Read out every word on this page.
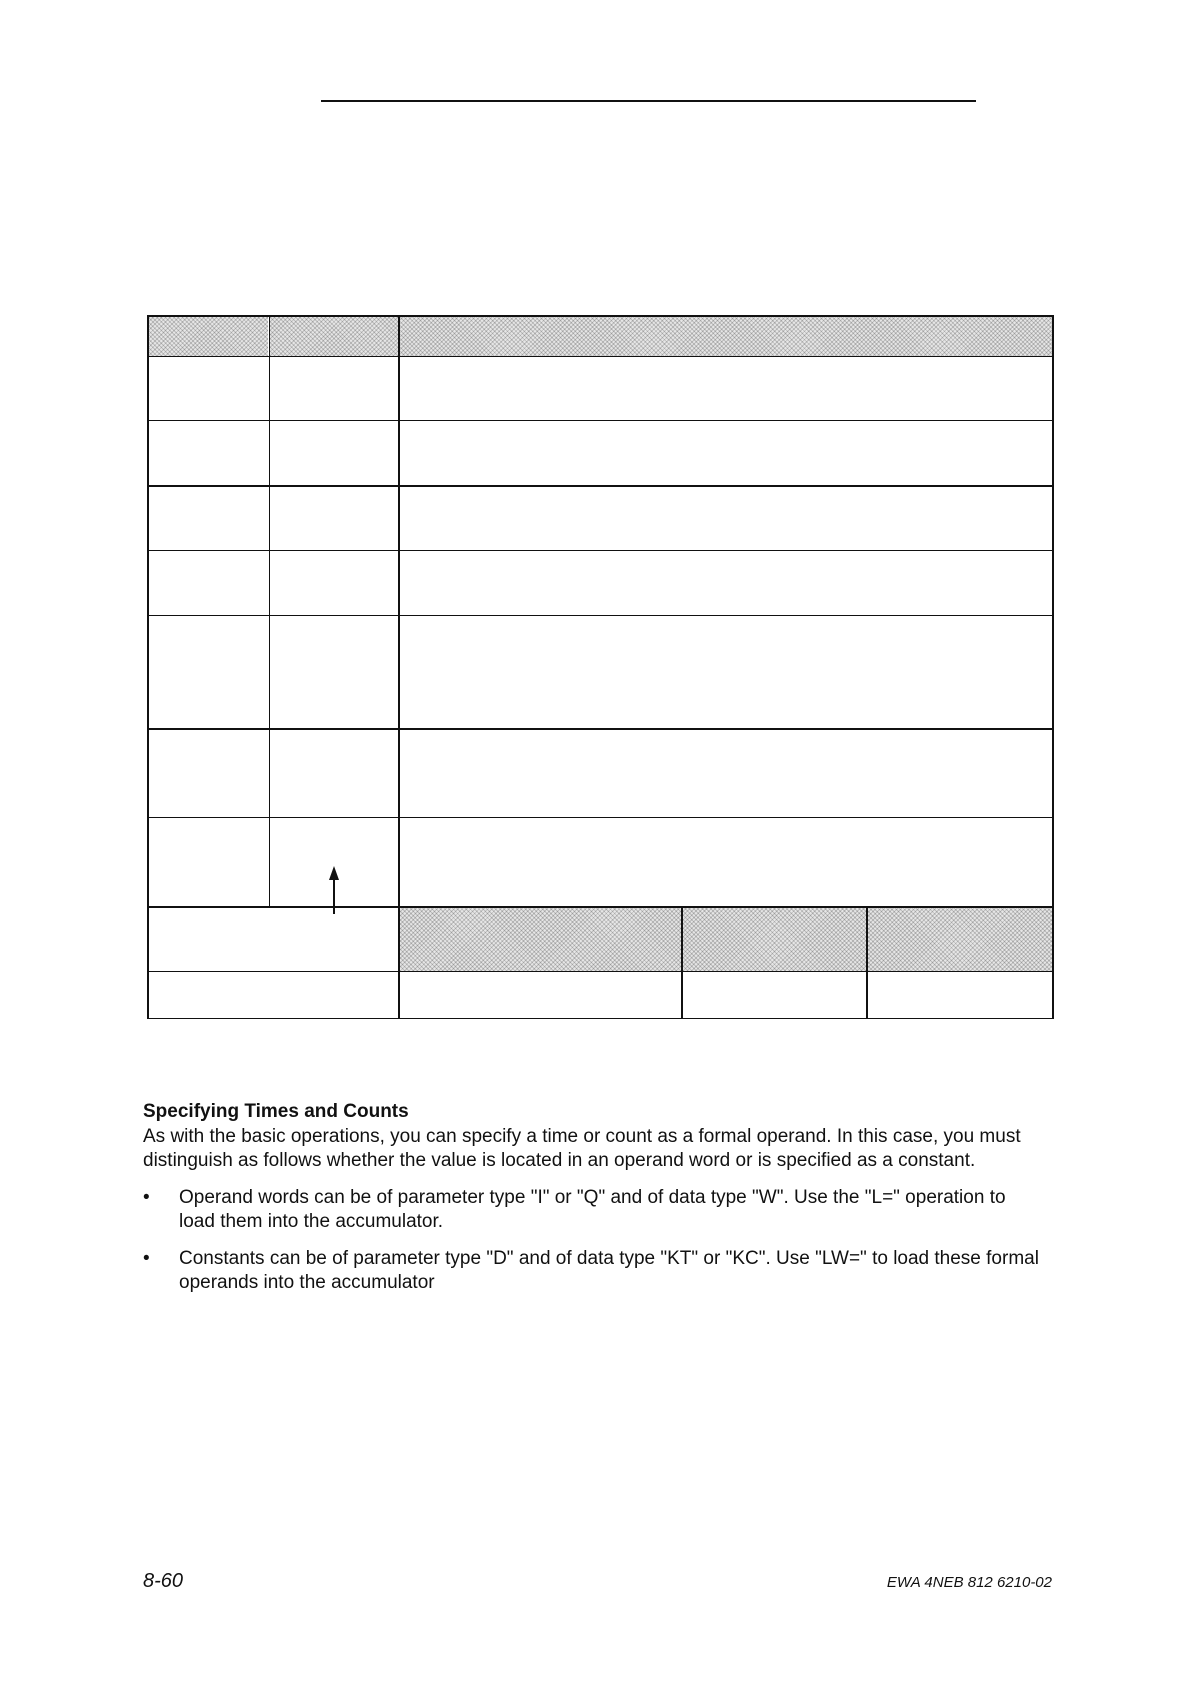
Specifying Times and Counts

As with the basic operations, you can specify a time or count as a formal operand. In this case, you must distinguish as follows whether the value is located in an operand word or is specified as a constant.

• Operand words can be of parameter type "I" or "Q" and of data type "W". Use the "L=" operation to load them into the accumulator.
• Constants can be of parameter type "D" and of data type "KT" or "KC". Use "LW=" to load these formal operands into the accumulator
8-60	EWA 4NEB 812 6210-02
